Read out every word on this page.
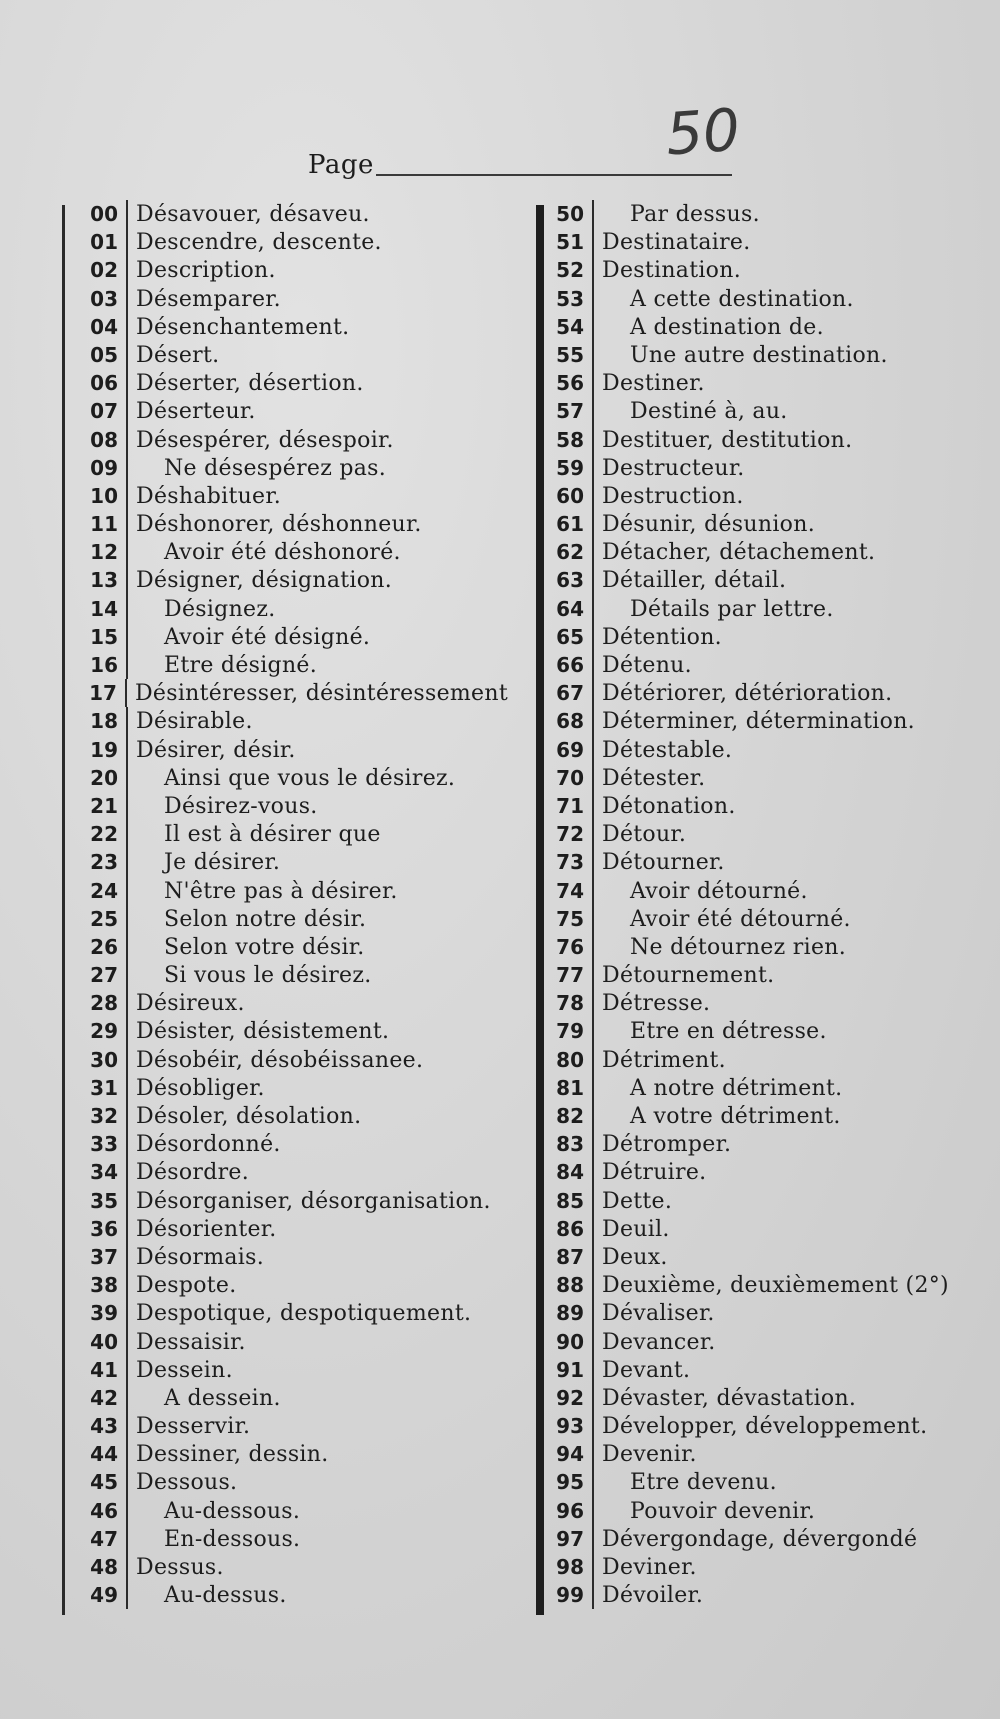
Page	50
00 Désavouer, désaveu.
01 Descendre, descente.
02 Description.
03 Désemparer.
04 Désenchantement.
05 Désert.
06 Déserter, désertion.
07 Déserteur.
08 Désespérer, désespoir.
09	Ne désespérez pas.
10 Déshabituer.
11 Déshonorer, déshonneur.
12	Avoir été déshonoré.
13 Désigner, désignation.
14	Désignez.
15	Avoir été désigné.
16	Etre désigné.
17 Désintéresser, désintéressement
18 Désirable.
19 Désirer, désir.
20	Ainsi que vous le désirez.
21	Désirez-vous.
22	Il est à désirer que
23	Je désirer.
24	N'être pas à désirer.
25	Selon notre désir.
26	Selon votre désir.
27	Si vous le désirez.
28 Désireux.
29 Désister, désistement.
30 Désobéir, désobéissanee.
31 Désobliger.
32 Désoler, désolation.
33 Désordonné.
34 Désordre.
35 Désorganiser, désorganisation.
36 Désorienter.
37 Désormais.
38 Despote.
39 Despotique, despotiquement.
40 Dessaisir.
41 Dessein.
42	A dessein.
43 Desservir.
44 Dessiner, dessin.
45 Dessous.
46	Au-dessous.
47	En-dessous.
48 Dessus.
49	Au-dessus.
50	Par dessus.
51 Destinataire.
52 Destination.
53	A cette destination.
54	A destination de.
55	Une autre destination.
56 Destiner.
57	Destiné à, au.
58 Destituer, destitution.
59 Destructeur.
60 Destruction.
61 Désunir, désunion.
62 Détacher, détachement.
63 Détailler, détail.
64	Détails par lettre.
65 Détention.
66 Détenu.
67 Détériorer, détérioration.
68 Déterminer, détermination.
69 Détestable.
70 Détester.
71 Détonation.
72 Détour.
73 Détourner.
74	Avoir détourné.
75	Avoir été détourné.
76	Ne détournez rien.
77 Détournement.
78 Détresse.
79	Etre en détresse.
80 Détriment.
81	A notre détriment.
82	A votre détriment.
83 Détromper.
84 Détruire.
85 Dette.
86 Deuil.
87 Deux.
88 Deuxième, deuxièmement (2°)
89 Dévaliser.
90 Devancer.
91 Devant.
92 Dévaster, dévastation.
93 Développer, développement.
94 Devenir.
95	Etre devenu.
96	Pouvoir devenir.
97 Dévergondage, dévergondé
98 Deviner.
99 Dévoiler.
